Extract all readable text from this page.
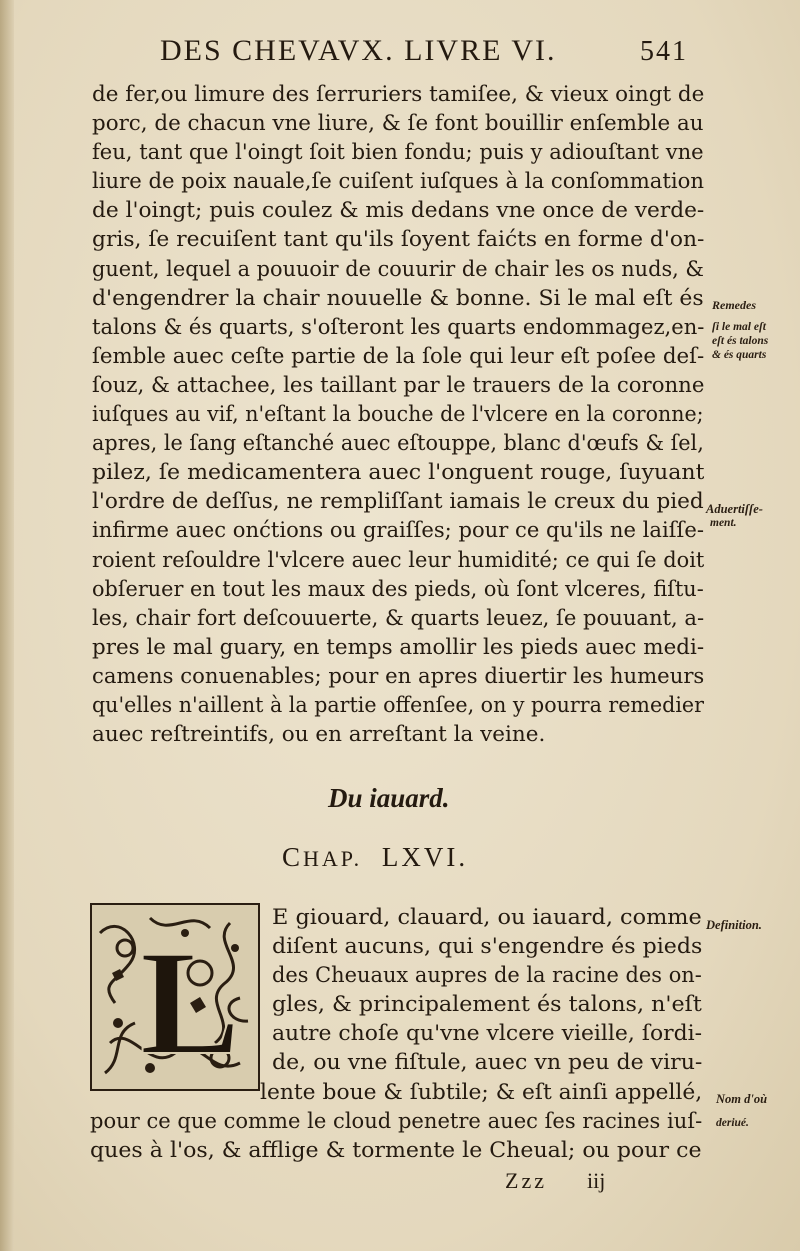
DES CHEVAVX. LIVRE VI.	541
de fer,ou limure des ſerruriers tamiſee, & vieux oingt de
porc, de chacun vne liure, & ſe font bouillir enſemble au
feu, tant que l'oingt ſoit bien fondu; puis y adiouſtant vne
liure de poix nauale,ſe cuiſent iuſques à la conſommation
de l'oingt; puis coulez & mis dedans vne once de verde-
gris, ſe recuiſent tant qu'ils ſoyent faićts en forme d'on-
guent, lequel a pouuoir de couurir de chair les os nuds, &
d'engendrer la chair nouuelle & bonne. Si le mal eſt és
talons & és quarts, s'oſteront les quarts endommagez,en-
ſemble auec ceſte partie de la ſole qui leur eſt poſee deſ-
ſouz, & attachee, les taillant par le trauers de la coronne
iuſques au vif, n'eſtant la bouche de l'vlcere en la coronne;
apres, le ſang eſtanché auec eſtouppe, blanc d'œufs & ſel,
pilez, ſe medicamentera auec l'onguent rouge, ſuyuant
l'ordre de deſſus, ne rempliſſant iamais le creux du pied
infirme auec onćtions ou graiſſes; pour ce qu'ils ne laiſſe-
roient reſouldre l'vlcere auec leur humidité; ce qui ſe doit
obſeruer en tout les maux des pieds, où ſont vlceres, fiſtu-
les, chair fort deſcouuerte, & quarts leuez, ſe pouuant, a-
pres le mal guary, en temps amollir les pieds auec medi-
camens conuenables; pour en apres diuertir les humeurs
qu'elles n'aillent à la partie offenſee, on y pourra remedier
auec reſtreintifs, ou en arreſtant la veine.
Remedes
ſi le mal eſt
eſt és talons
& és quarts
Aduertiſſe-
ment.
Definition.
Nom d'où
deriué.
Du iauard.
CHAP. LXVI.
L
E giouard, clauard, ou iauard, comme
diſent aucuns, qui s'engendre és pieds
des Cheuaux aupres de la racine des on-
gles, & principalement és talons, n'eſt
autre choſe qu'vne vlcere vieille, ſordi-
de, ou vne fiſtule, auec vn peu de viru-
lente boue & ſubtile; & eſt ainſi appellé,
pour ce que comme le cloud penetre auec ſes racines iuſ-
ques à l'os, & afflige & tormente le Cheual; ou pour ce
Zzz iij
